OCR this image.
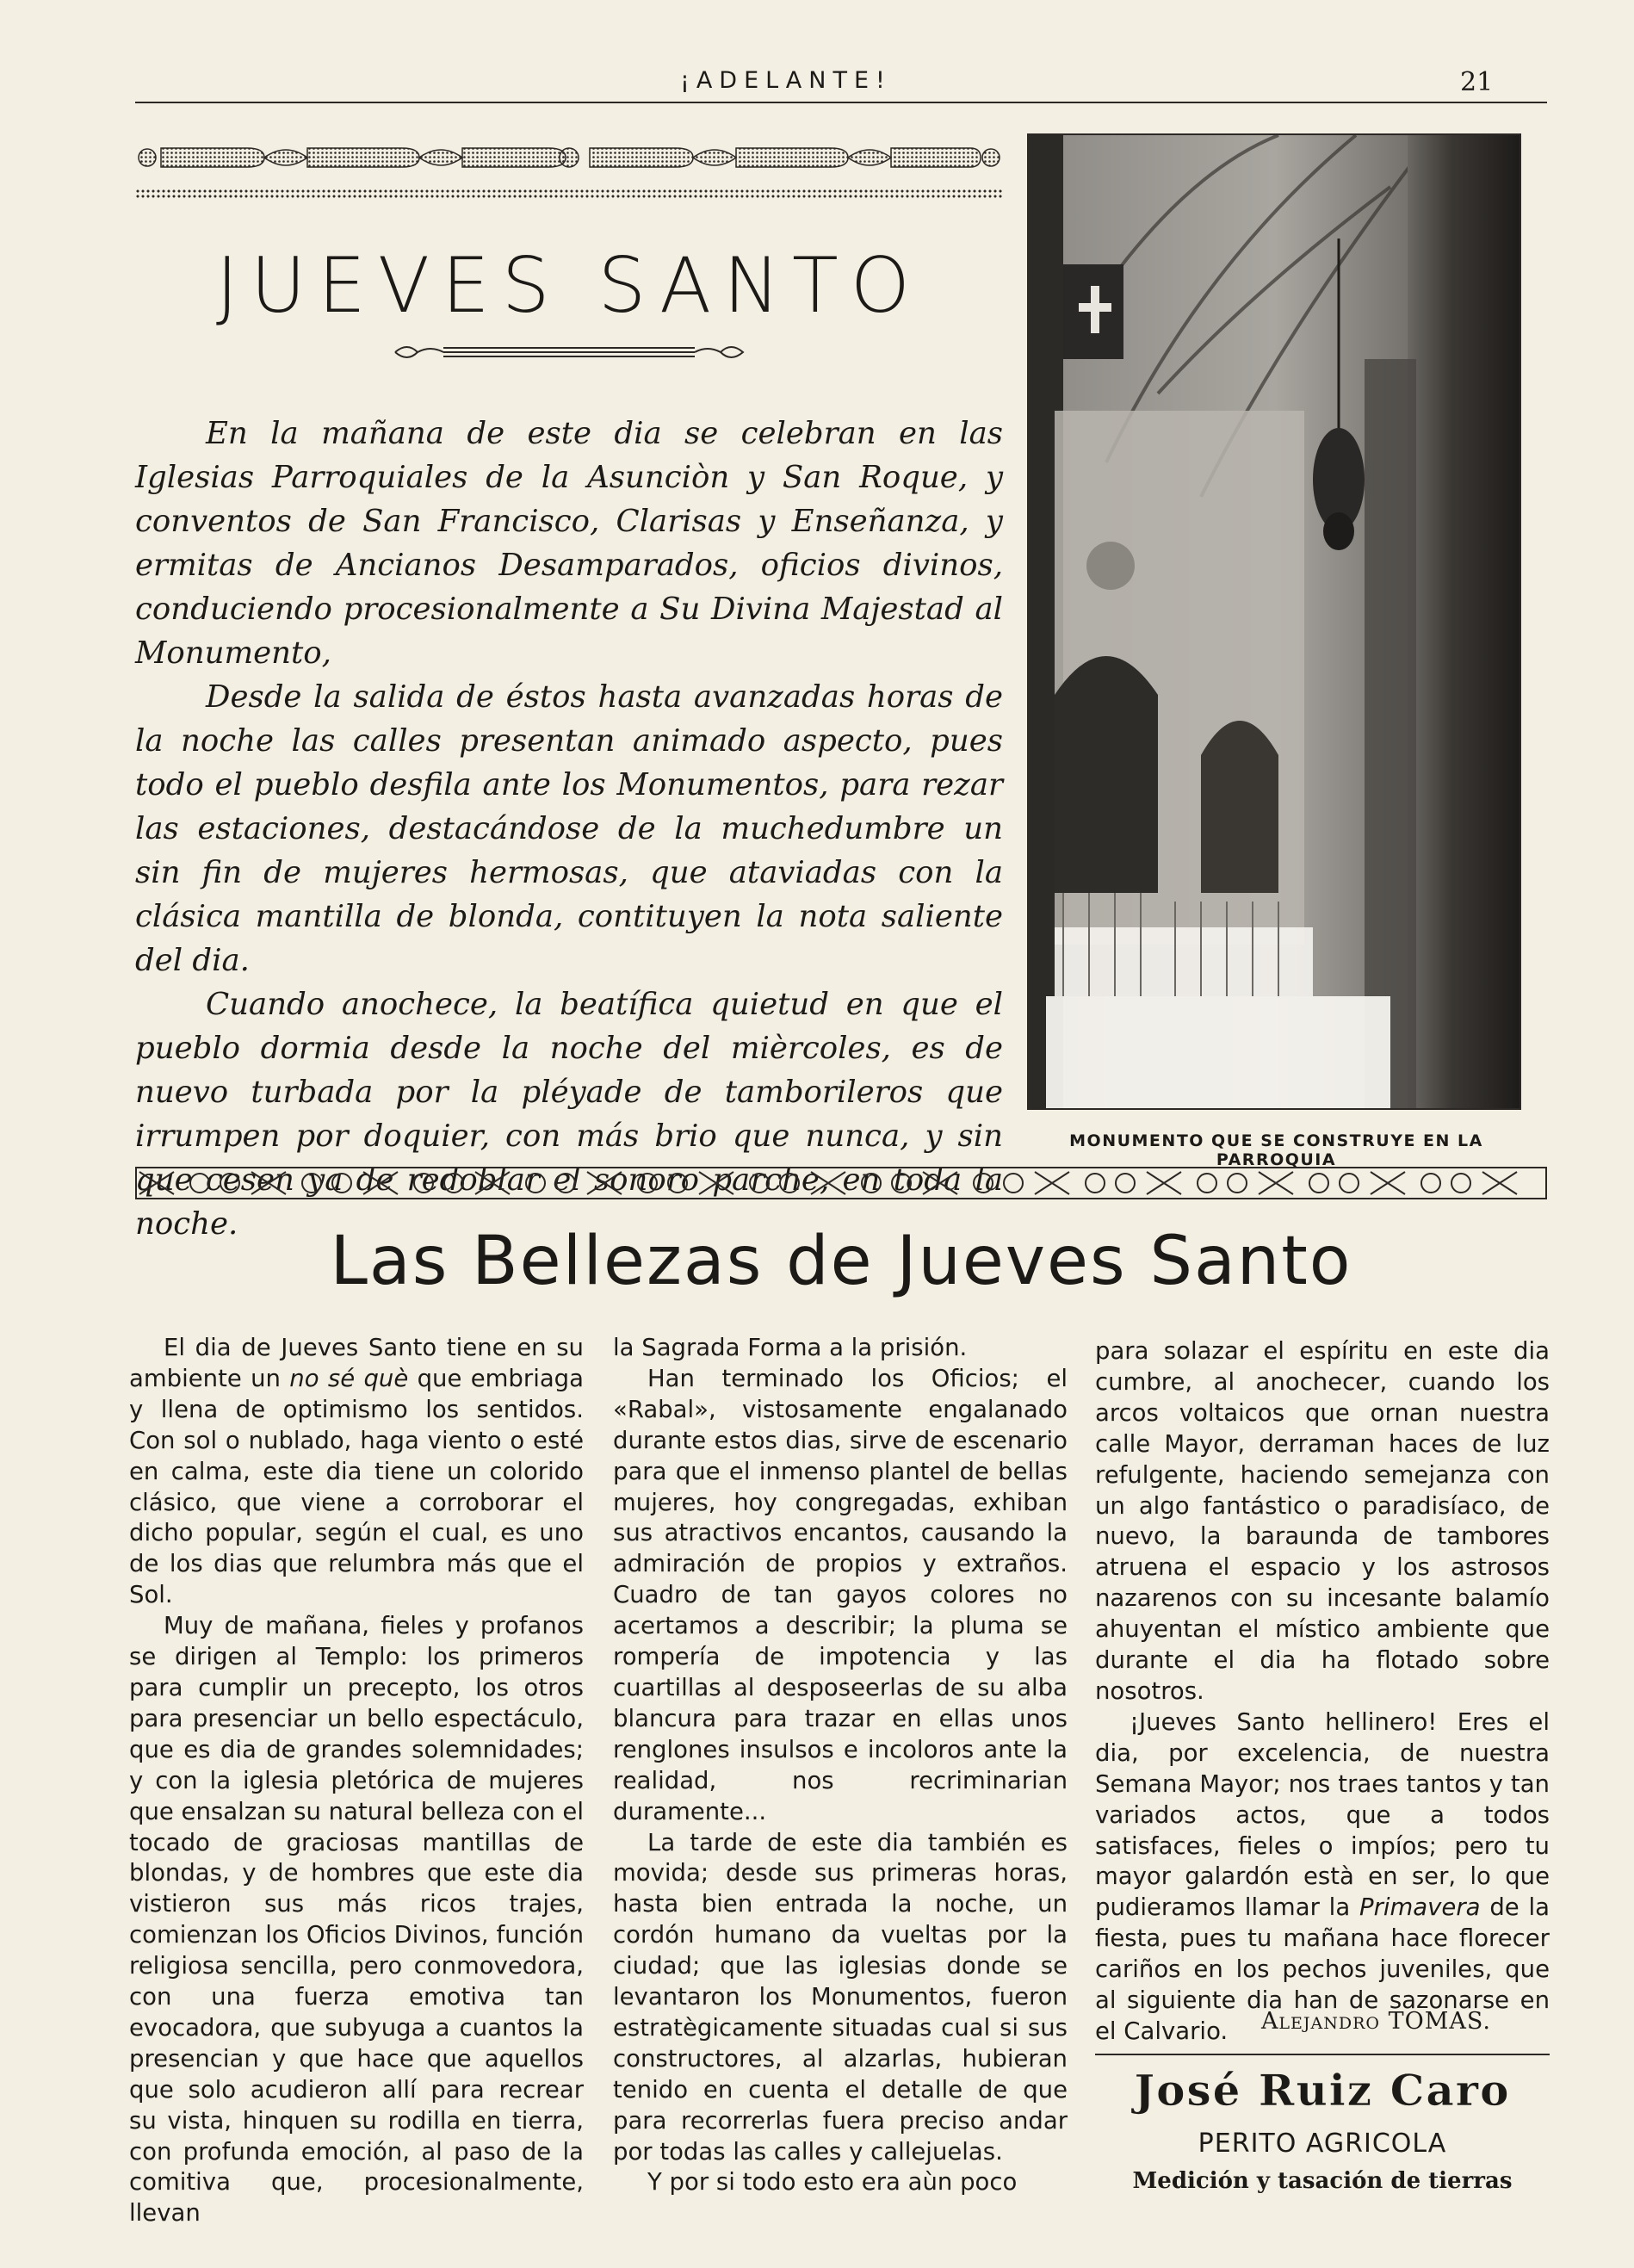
¡ADELANTE!	21
JUEVES SANTO

En la mañana de este dia se celebran en las Iglesias Parroquiales de la Asunciòn y San Roque, y conventos de San Francisco, Clarisas y Enseñanza, y ermitas de Ancianos Desamparados, oficios divinos, conduciendo procesionalmente a Su Divina Majestad al Monumento,

Desde la salida de éstos hasta avanzadas horas de la noche las calles presentan animado aspecto, pues todo el pueblo desfila ante los Monumentos, para rezar las estaciones, destacándose de la muchedumbre un sin fin de mujeres hermosas, que ataviadas con la clásica mantilla de blonda, contituyen la nota saliente del dia.

Cuando anochece, la beatífica quietud en que el pueblo dormia desde la noche del mièrcoles, es de nuevo turbada por la pléyade de tamborileros que irrumpen por doquier, con más brio que nunca, y sin que cesen ya de redoblar el sonoro parche, en toda la noche.

MONUMENTO QUE SE CONSTRUYE EN LA PARROQUIA
Las Bellezas de Jueves Santo

El dia de Jueves Santo tiene en su ambiente un no sé què que embriaga y llena de optimismo los sentidos. Con sol o nublado, haga viento o esté en calma, este dia tiene un colorido clásico, que viene a corroborar el dicho popular, según el cual, es uno de los dias que relumbra más que el Sol.

Muy de mañana, fieles y profanos se dirigen al Templo: los primeros para cumplir un precepto, los otros para presenciar un bello espectáculo, que es dia de grandes solemnidades; y con la iglesia pletórica de mujeres que ensalzan su natural belleza con el tocado de graciosas mantillas de blondas, y de hombres que este dia vistieron sus más ricos trajes, comienzan los Oficios Divinos, función religiosa sencilla, pero conmovedora, con una fuerza emotiva tan evocadora, que subyuga a cuantos la presencian y que hace que aquellos que solo acudieron allí para recrear su vista, hinquen su rodilla en tierra, con profunda emoción, al paso de la comitiva que, procesionalmente, llevan

la Sagrada Forma a la prisión.

Han terminado los Oficios; el «Rabal», vistosamente engalanado durante estos dias, sirve de escenario para que el inmenso plantel de bellas mujeres, hoy congregadas, exhiban sus atractivos encantos, causando la admiración de propios y extraños. Cuadro de tan gayos colores no acertamos a describir; la pluma se rompería de impotencia y las cuartillas al desposeerlas de su alba blancura para trazar en ellas unos renglones insulsos e incoloros ante la realidad, nos recriminarian duramente...

La tarde de este dia también es movida; desde sus primeras horas, hasta bien entrada la noche, un cordón humano da vueltas por la ciudad; que las iglesias donde se levantaron los Monumentos, fueron estratègicamente situadas cual si sus constructores, al alzarlas, hubieran tenido en cuenta el detalle de que para recorrerlas fuera preciso andar por todas las calles y callejuelas.

Y por si todo esto era aùn poco

para solazar el espíritu en este dia cumbre, al anochecer, cuando los arcos voltaicos que ornan nuestra calle Mayor, derraman haces de luz refulgente, haciendo semejanza con un algo fantástico o paradisíaco, de nuevo, la baraunda de tambores atruena el espacio y los astrosos nazarenos con su incesante balamío ahuyentan el místico ambiente que durante el dia ha flotado sobre nosotros.

¡Jueves Santo hellinero! Eres el dia, por excelencia, de nuestra Semana Mayor; nos traes tantos y tan variados actos, que a todos satisfaces, fieles o impíos; pero tu mayor galardón està en ser, lo que pudieramos llamar la Primavera de la fiesta, pues tu mañana hace florecer cariños en los pechos juveniles, que al siguiente dia han de sazonarse en el Calvario.	Alejandro TOMAS.
José Ruiz Caro
PERITO AGRICOLA
Medición y tasación de tierras
